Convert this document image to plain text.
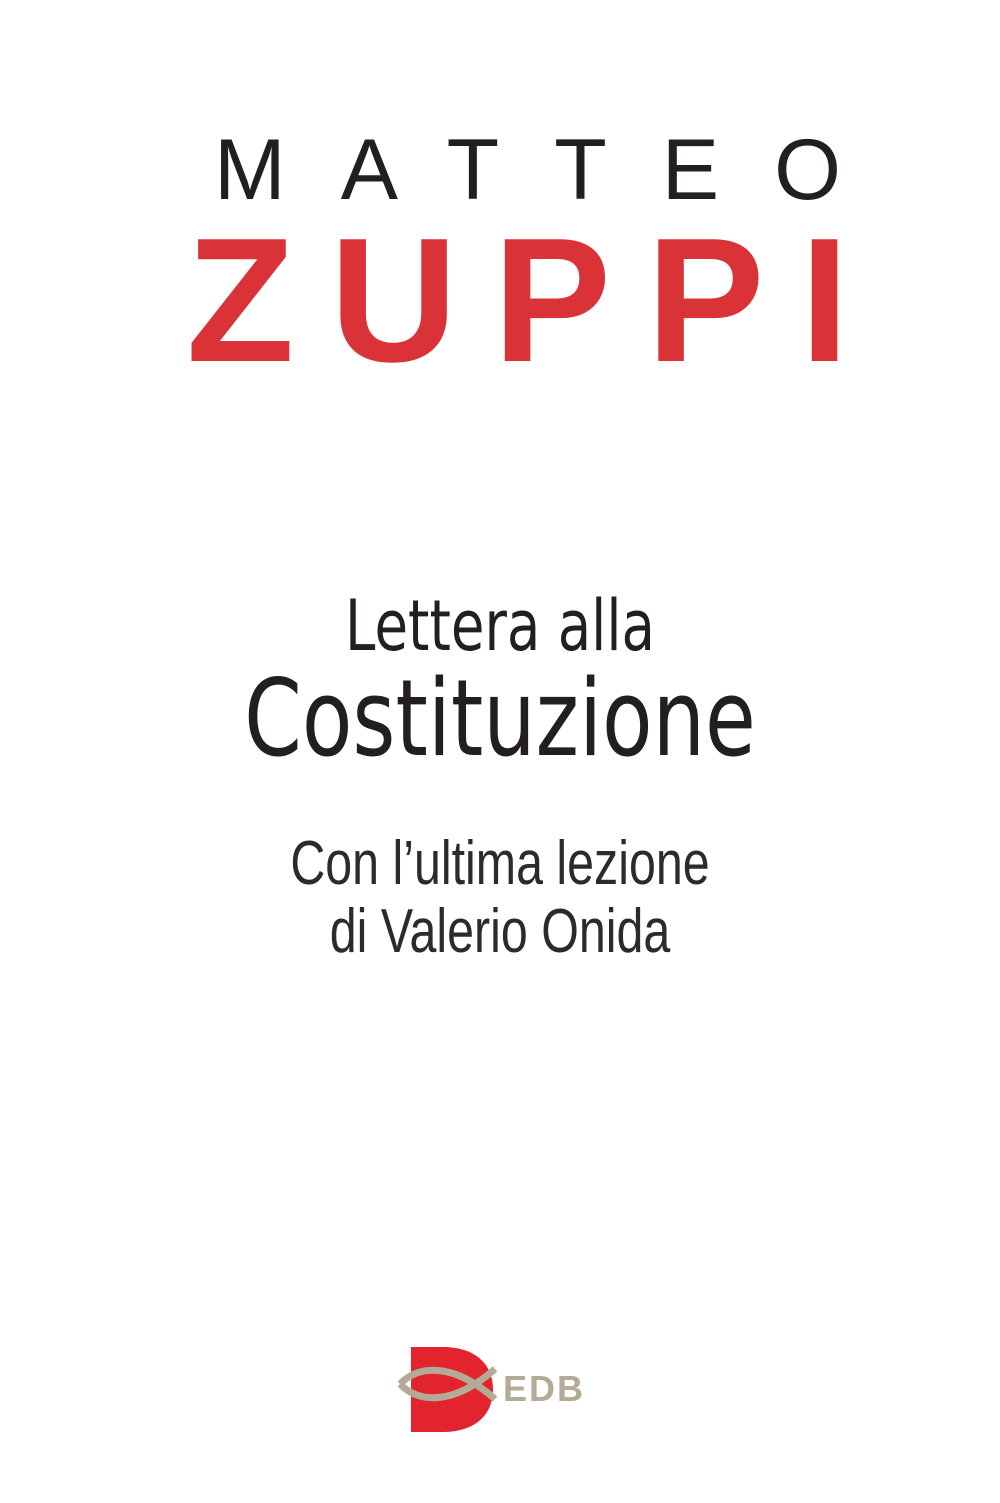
MATTEO
ZUPPI
Lettera alla
Costituzione
Con l’ultima lezione
di Valerio Onida
EDB
